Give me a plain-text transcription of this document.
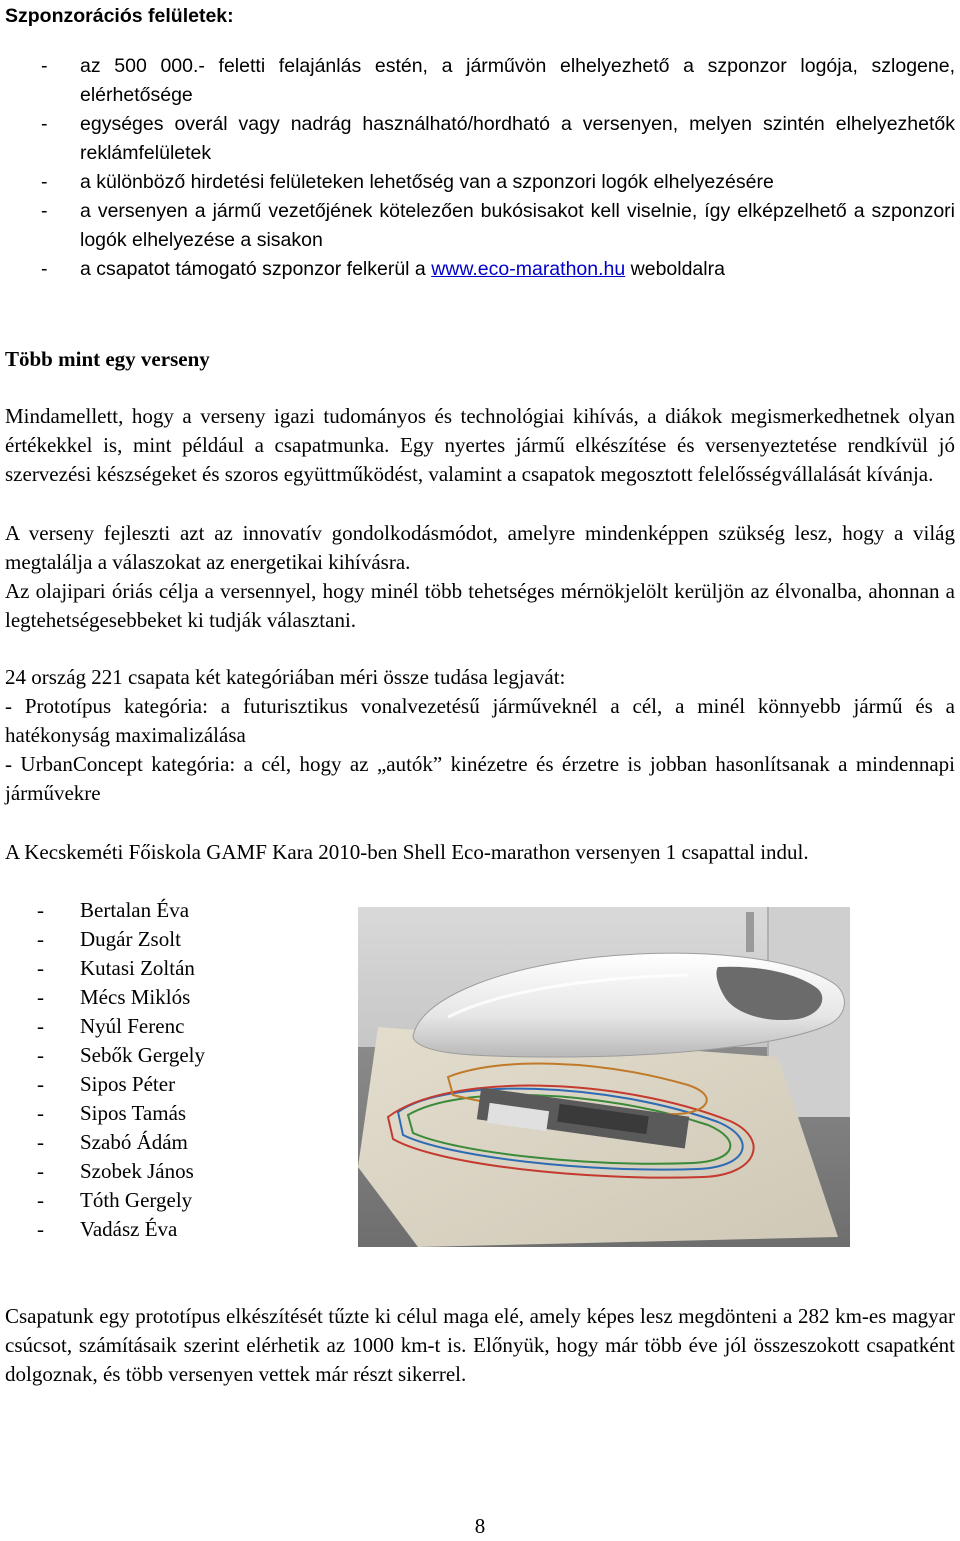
Szponzorációs felületek:
- az 500 000.- feletti felajánlás estén, a járművön elhelyezhető a szponzor logója, szlogene, elérhetősége
- egységes overál vagy nadrág használható/hordható a versenyen, melyen szintén elhelyezhetők reklámfelületek
- a különböző hirdetési felületeken lehetőség van a szponzori logók elhelyezésére
- a versenyen a jármű vezetőjének kötelezően bukósisakot kell viselnie, így elképzelhető a szponzori logók elhelyezése a sisakon
- a csapatot támogató szponzor felkerül a www.eco-marathon.hu weboldalra
Több mint egy verseny
Mindamellett, hogy a verseny igazi tudományos és technológiai kihívás, a diákok megismerkedhetnek olyan értékekkel is, mint például a csapatmunka. Egy nyertes jármű elkészítése és versenyeztetése rendkívül jó szervezési készségeket és szoros együttműködést, valamint a csapatok megosztott felelősségvállalását kívánja.
A verseny fejleszti azt az innovatív gondolkodásmódot, amelyre mindenképpen szükség lesz, hogy a világ megtalálja a válaszokat az energetikai kihívásra.
Az olajipari óriás célja a versennyel, hogy minél több tehetséges mérnökjelölt kerüljön az élvonalba, ahonnan a legtehetségesebbeket ki tudják választani.
24 ország 221 csapata két kategóriában méri össze tudása legjavát:
- Prototípus kategória: a futurisztikus vonalvezetésű járműveknél a cél, a minél könnyebb jármű és a hatékonyság maximalizálása
- UrbanConcept kategória: a cél, hogy az „autók” kinézetre és érzetre is jobban hasonlítsanak a mindennapi járművekre
A Kecskeméti Főiskola GAMF Kara 2010-ben Shell Eco-marathon versenyen 1 csapattal indul.
- Bertalan Éva
- Dugár Zsolt
- Kutasi Zoltán
- Mécs Miklós
- Nyúl Ferenc
- Sebők Gergely
- Sipos Péter
- Sipos Tamás
- Szabó Ádám
- Szobek János
- Tóth Gergely
- Vadász Éva
Csapatunk egy prototípus elkészítését tűzte ki célul maga elé, amely képes lesz megdönteni a 282 km-es magyar csúcsot, számításaik szerint elérhetik az 1000 km-t is. Előnyük, hogy már több éve jól összeszokott csapatként dolgoznak, és több versenyen vettek már részt sikerrel.
8
